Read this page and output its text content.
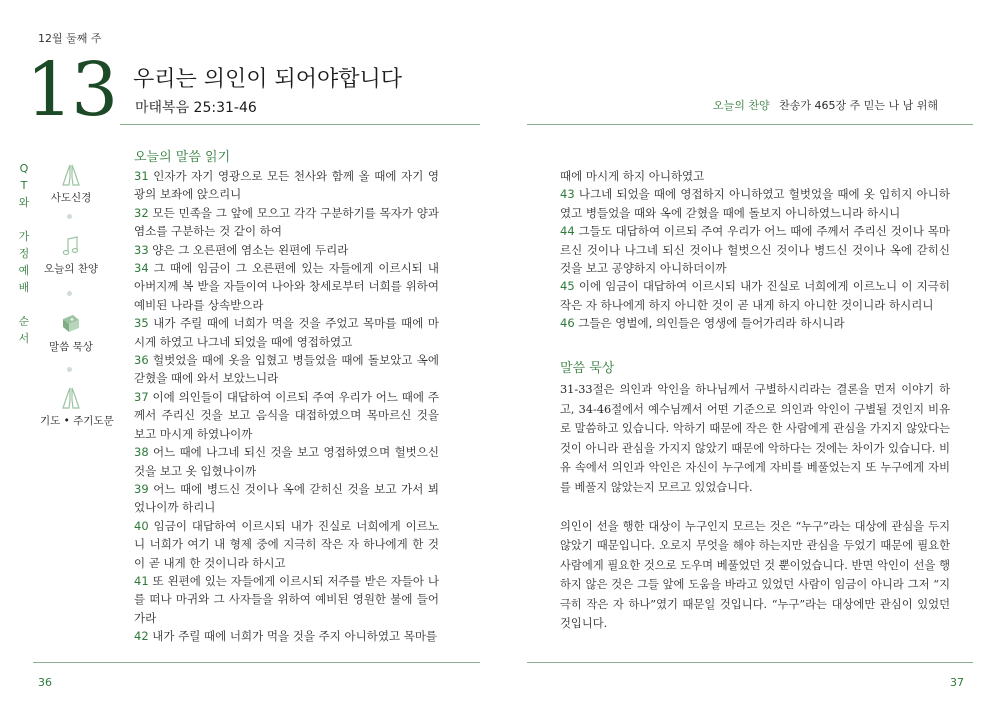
12월 둘째 주
13 우리는 의인이 되어야합니다
마태복음 25:31-46	오늘의 찬양 찬송가 465장 주 믿는 나 남 위해
Q
T
와
가
정
예
배
순
서
사도신경
오늘의 찬양
말씀 묵상
기도 • 주기도문
오늘의 말씀 읽기

31 인자가 자기 영광으로 모든 천사와 함께 올 때에 자기 영광의 보좌에 앉으리니

32 모든 민족을 그 앞에 모으고 각각 구분하기를 목자가 양과 염소를 구분하는 것 같이 하여

33 양은 그 오른편에 염소는 왼편에 두리라

34 그 때에 임금이 그 오른편에 있는 자들에게 이르시되 내 아버지께 복 받을 자들이여 나아와 창세로부터 너희를 위하여 예비된 나라를 상속받으라

35 내가 주릴 때에 너희가 먹을 것을 주었고 목마를 때에 마시게 하였고 나그네 되었을 때에 영접하였고

36 헐벗었을 때에 옷을 입혔고 병들었을 때에 돌보았고 옥에 갇혔을 때에 와서 보았느니라

37 이에 의인들이 대답하여 이르되 주여 우리가 어느 때에 주께서 주리신 것을 보고 음식을 대접하였으며 목마르신 것을 보고 마시게 하였나이까

38 어느 때에 나그네 되신 것을 보고 영접하였으며 헐벗으신 것을 보고 옷 입혔나이까

39 어느 때에 병드신 것이나 옥에 갇히신 것을 보고 가서 뵈었나이까 하리니

40 임금이 대답하여 이르시되 내가 진실로 너희에게 이르노니 너희가 여기 내 형제 중에 지극히 작은 자 하나에게 한 것이 곧 내게 한 것이니라 하시고

41 또 왼편에 있는 자들에게 이르시되 저주를 받은 자들아 나를 떠나 마귀와 그 사자들을 위하여 예비된 영원한 불에 들어가라

42 내가 주릴 때에 너희가 먹을 것을 주지 아니하였고 목마를

때에 마시게 하지 아니하였고

43 나그네 되었을 때에 영접하지 아니하였고 헐벗었을 때에 옷 입히지 아니하였고 병들었을 때와 옥에 갇혔을 때에 돌보지 아니하였느니라 하시니

44 그들도 대답하여 이르되 주여 우리가 어느 때에 주께서 주리신 것이나 목마르신 것이나 나그네 되신 것이나 헐벗으신 것이나 병드신 것이나 옥에 갇히신 것을 보고 공양하지 아니하더이까

45 이에 임금이 대답하여 이르시되 내가 진실로 너희에게 이르노니 이 지극히 작은 자 하나에게 하지 아니한 것이 곧 내게 하지 아니한 것이니라 하시리니

46 그들은 영벌에, 의인들은 영생에 들어가리라 하시니라

말씀 묵상

31-33절은 의인과 악인을 하나님께서 구별하시리라는 결론을 먼저 이야기 하고, 34-46절에서 예수님께서 어떤 기준으로 의인과 악인이 구별될 것인지 비유로 말씀하고 있습니다. 악하기 때문에 작은 한 사람에게 관심을 가지지 않았다는 것이 아니라 관심을 가지지 않았기 때문에 악하다는 것에는 차이가 있습니다. 비유 속에서 의인과 악인은 자신이 누구에게 자비를 베풀었는지 또 누구에게 자비를 베풀지 않았는지 모르고 있었습니다.

의인이 선을 행한 대상이 누구인지 모르는 것은 “누구”라는 대상에 관심을 두지 않았기 때문입니다. 오로지 무엇을 해야 하는지만 관심을 두었기 때문에 필요한 사람에게 필요한 것으로 도우며 베풀었던 것 뿐이었습니다. 반면 악인이 선을 행하지 않은 것은 그들 앞에 도움을 바라고 있었던 사람이 임금이 아니라 그저 “지극히 작은 자 하나”였기 때문일 것입니다. “누구”라는 대상에만 관심이 있었던 것입니다.

36	37
